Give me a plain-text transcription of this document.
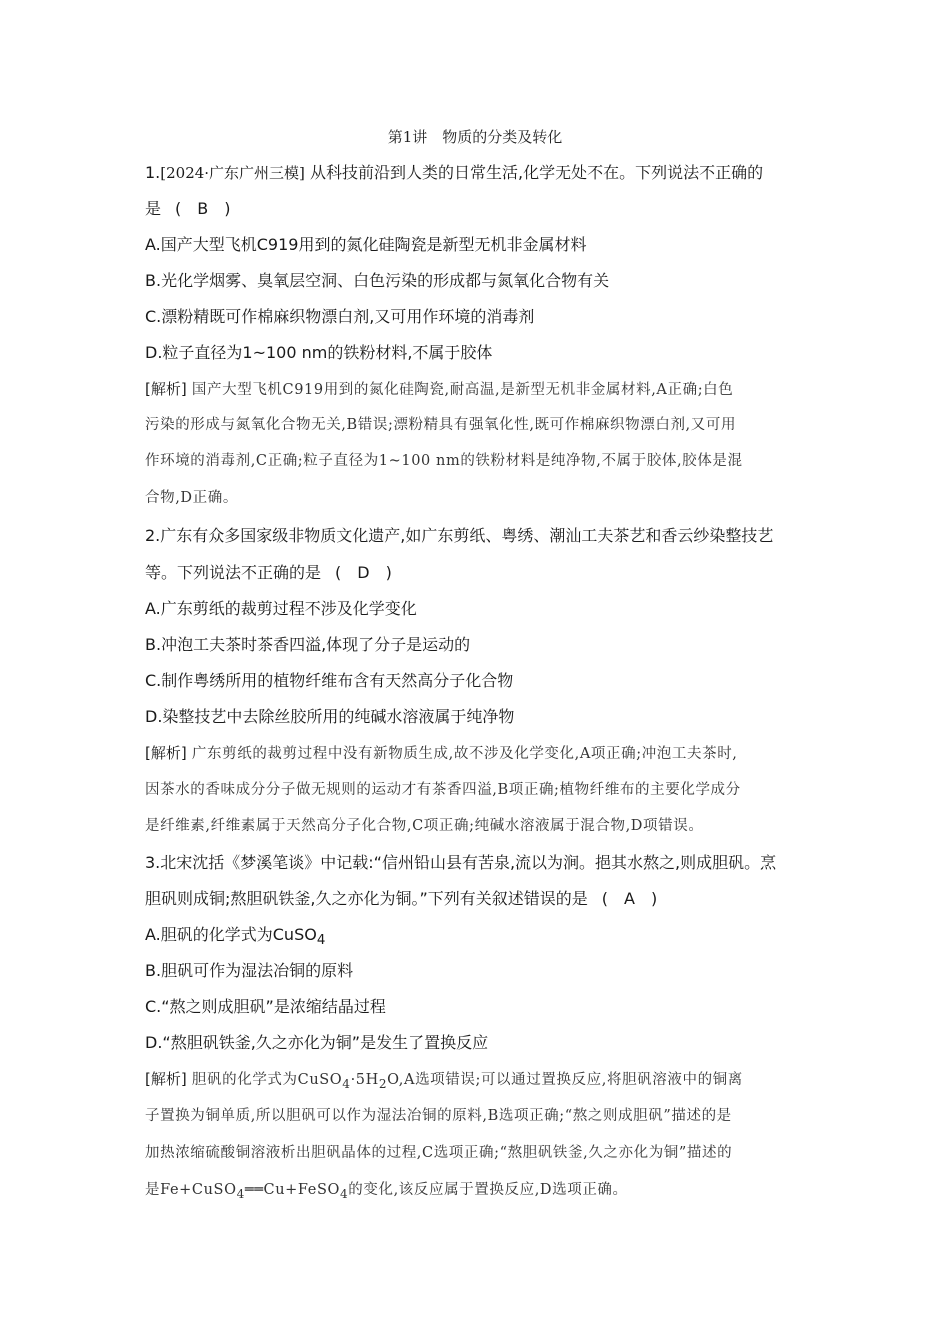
第1讲　物质的分类及转化
1.[2024·广东广州三模] 从科技前沿到人类的日常生活,化学无处不在。下列说法不正确的
是 (　B　)
A.国产大型飞机C919用到的氮化硅陶瓷是新型无机非金属材料
B.光化学烟雾、臭氧层空洞、白色污染的形成都与氮氧化合物有关
C.漂粉精既可作棉麻织物漂白剂,又可用作环境的消毒剂
D.粒子直径为1~100 nm的铁粉材料,不属于胶体
[解析] 国产大型飞机C919用到的氮化硅陶瓷,耐高温,是新型无机非金属材料,A正确;白色
污染的形成与氮氧化合物无关,B错误;漂粉精具有强氧化性,既可作棉麻织物漂白剂,又可用
作环境的消毒剂,C正确;粒子直径为1~100 nm的铁粉材料是纯净物,不属于胶体,胶体是混
合物,D正确。
2.广东有众多国家级非物质文化遗产,如广东剪纸、粤绣、潮汕工夫茶艺和香云纱染整技艺
等。下列说法不正确的是 (　D　)
A.广东剪纸的裁剪过程不涉及化学变化
B.冲泡工夫茶时茶香四溢,体现了分子是运动的
C.制作粤绣所用的植物纤维布含有天然高分子化合物
D.染整技艺中去除丝胶所用的纯碱水溶液属于纯净物
[解析] 广东剪纸的裁剪过程中没有新物质生成,故不涉及化学变化,A项正确;冲泡工夫茶时,
因茶水的香味成分分子做无规则的运动才有茶香四溢,B项正确;植物纤维布的主要化学成分
是纤维素,纤维素属于天然高分子化合物,C项正确;纯碱水溶液属于混合物,D项错误。
3.北宋沈括《梦溪笔谈》中记载:“信州铅山县有苦泉,流以为涧。挹其水熬之,则成胆矾。烹
胆矾则成铜;熬胆矾铁釜,久之亦化为铜。”下列有关叙述错误的是 (　A　)
A.胆矾的化学式为CuSO$_4$
B.胆矾可作为湿法冶铜的原料
C.“熬之则成胆矾”是浓缩结晶过程
D.“熬胆矾铁釜,久之亦化为铜”是发生了置换反应
[解析] 胆矾的化学式为$CuSO_4\cdot 5H_2O,A$选项错误;可以通过置换反应,将胆矾溶液中的铜离
子置换为铜单质,所以胆矾可以作为湿法冶铜的原料,B选项正确;“熬之则成胆矾”描述的是
加热浓缩硫酸铜溶液析出胆矾晶体的过程,C选项正确;“熬胆矾铁釜,久之亦化为铜”描述的
是Fe+CuSO$_4$══Cu+FeSO$_4$的变化,该反应属于置换反应,D选项正确。
